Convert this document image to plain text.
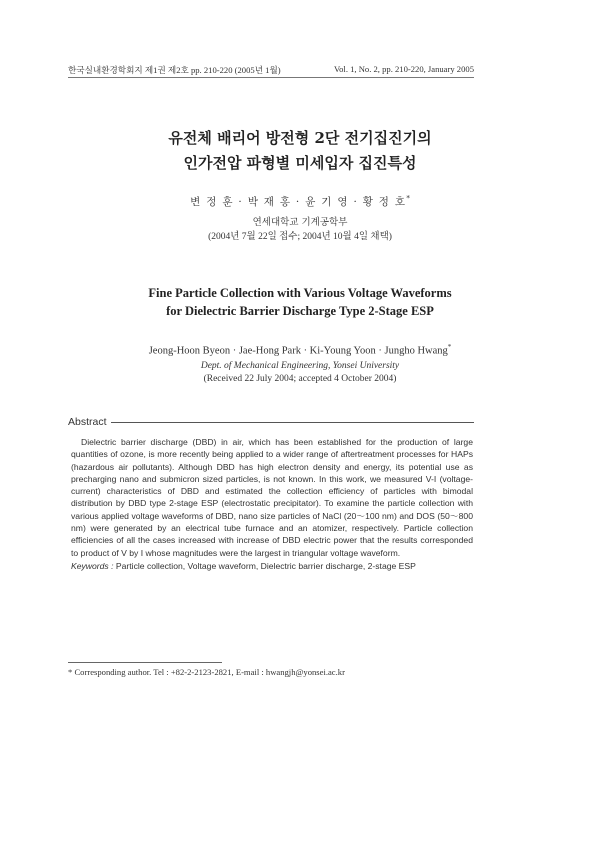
한국실내환경학회지 제1권 제2호 pp. 210-220 (2005년 1월)	Vol. 1, No. 2, pp. 210-220, January 2005
유전체 배리어 방전형 2단 전기집진기의
인가전압 파형별 미세입자 집진특성
변 정 훈 · 박 재 홍 · 윤 기 영 · 황 정 호*
연세대학교 기계공학부
(2004년 7월 22일 접수; 2004년 10월 4일 채택)
Fine Particle Collection with Various Voltage Waveforms
for Dielectric Barrier Discharge Type 2-Stage ESP
Jeong-Hoon Byeon · Jae-Hong Park · Ki-Young Yoon · Jungho Hwang*
Dept. of Mechanical Engineering, Yonsei University
(Received 22 July 2004; accepted 4 October 2004)
Abstract

Dielectric barrier discharge (DBD) in air, which has been established for the production of large quantities of ozone, is more recently being applied to a wider range of aftertreatment processes for HAPs (hazardous air pollutants). Although DBD has high electron density and energy, its potential use as precharging nano and submicron sized particles, is not known. In this work, we measured V-I (voltage-current) characteristics of DBD and estimated the collection efficiency of particles with bimodal distribution by DBD type 2-stage ESP (electrostatic precipitator). To examine the particle collection with various applied voltage waveforms of DBD, nano size particles of NaCl (20～100 nm) and DOS (50～800 nm) were generated by an electrical tube furnace and an atomizer, respectively. Particle collection efficiencies of all the cases increased with increase of DBD electric power that the results corresponded to product of V by I whose magnitudes were the largest in triangular voltage waveform.

Keywords : Particle collection, Voltage waveform, Dielectric barrier discharge, 2-stage ESP
* Corresponding author. Tel : +82-2-2123-2821, E-mail : hwangjh@yonsei.ac.kr
